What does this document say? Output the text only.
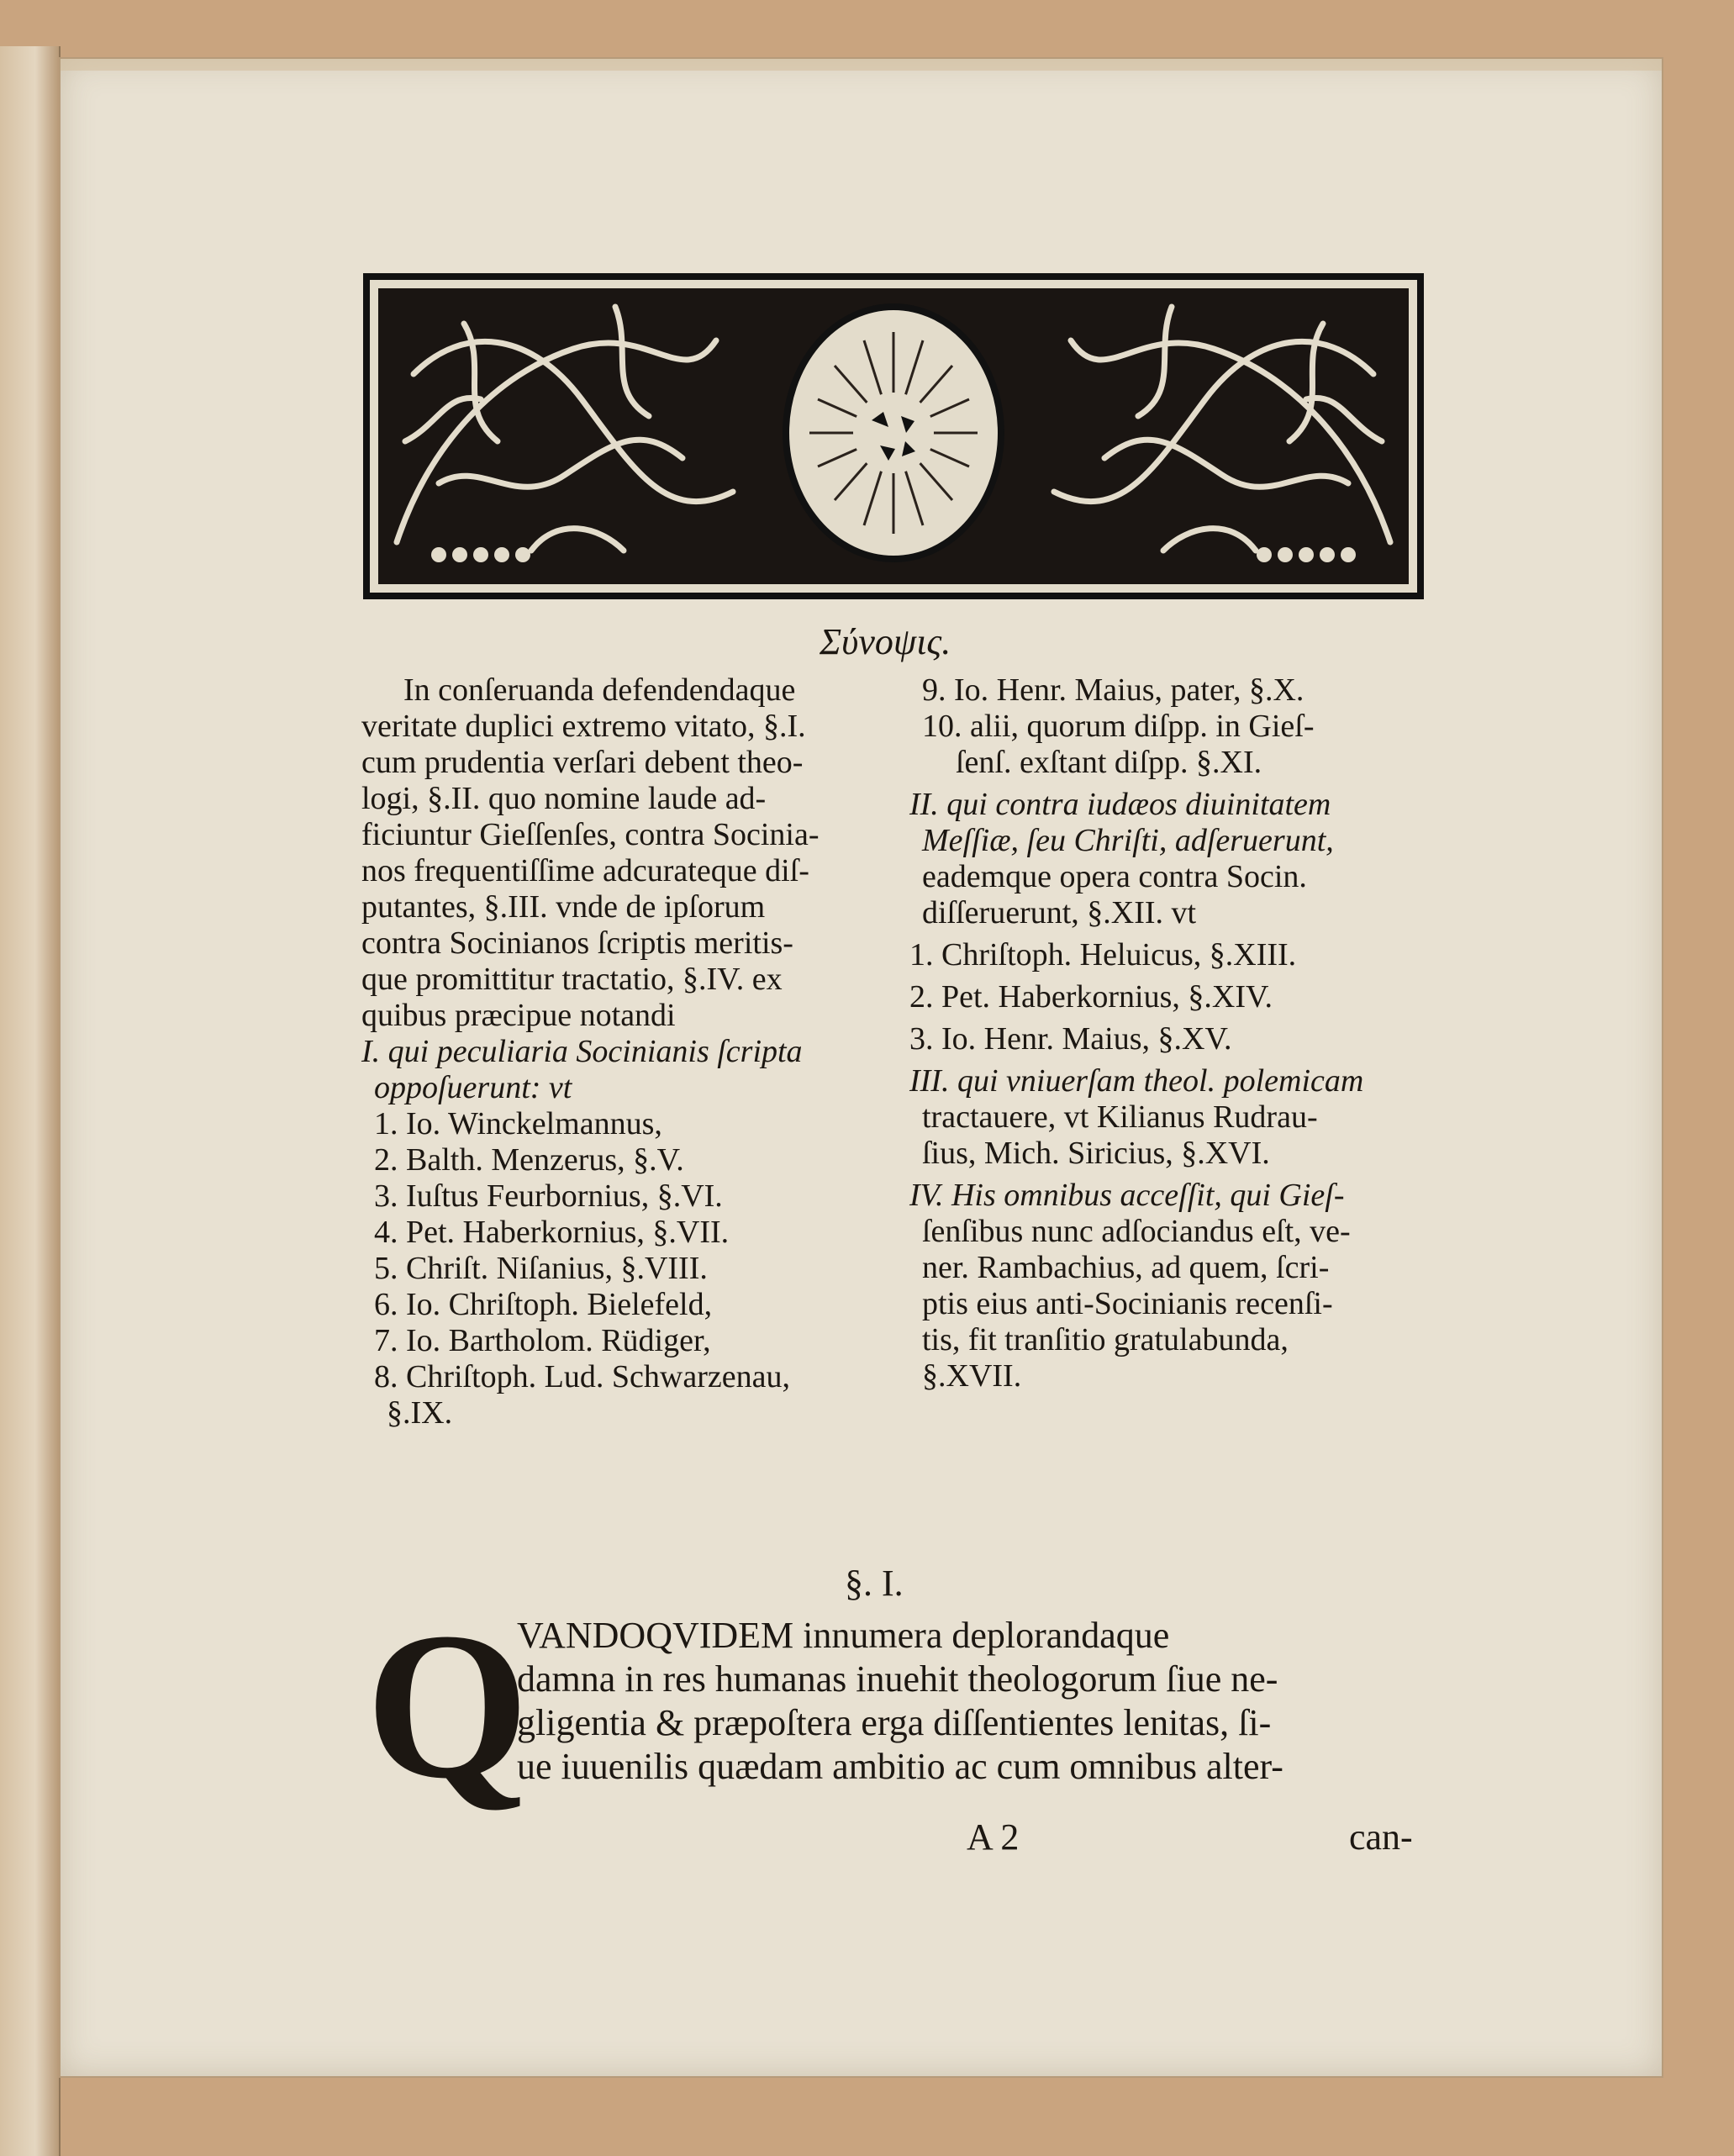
Σύνοψις.
In conſeruanda defendendaque
veritate duplici extremo vitato, §.I.
cum prudentia verſari debent theo-
logi, §.II. quo nomine laude ad-
ficiuntur Gieſſenſes, contra Socinia-
nos frequentiſſime adcurateque diſ-
putantes, §.III. vnde de ipſorum
contra Socinianos ſcriptis meritis-
que promittitur tractatio, §.IV. ex
quibus præcipue notandi
I. qui peculiaria Socinianis ſcripta
oppoſuerunt: vt
1. Io. Winckelmannus,
2. Balth. Menzerus, §.V.
3. Iuſtus Feurbornius, §.VI.
4. Pet. Haberkornius, §.VII.
5. Chriſt. Niſanius, §.VIII.
6. Io. Chriſtoph. Bielefeld,
7. Io. Bartholom. Rüdiger,
8. Chriſtoph. Lud. Schwarzenau,
§.IX.
9. Io. Henr. Maius, pater, §.X.
10. alii, quorum diſpp. in Gieſ-
ſenſ. exſtant diſpp. §.XI.
II. qui contra iudæos diuinitatem
Meſſiæ, ſeu Chriſti, adſeruerunt,
eademque opera contra Socin.
diſſeruerunt, §.XII. vt
1. Chriſtoph. Heluicus, §.XIII.
2. Pet. Haberkornius, §.XIV.
3. Io. Henr. Maius, §.XV.
III. qui vniuerſam theol. polemicam
tractauere, vt Kilianus Rudrau-
ſius, Mich. Siricius, §.XVI.
IV. His omnibus acceſſit, qui Gieſ-
ſenſibus nunc adſociandus eſt, ve-
ner. Rambachius, ad quem, ſcri-
ptis eius anti-Socinianis recenſi-
tis, fit tranſitio gratulabunda,
§.XVII.
§. I.
Q
VANDOQVIDEM innumera deplorandaque
damna in res humanas inuehit theologorum ſiue ne-
gligentia & præpoſtera erga diſſentientes lenitas, ſi-
ue iuuenilis quædam ambitio ac cum omnibus alter-
A 2	can-
